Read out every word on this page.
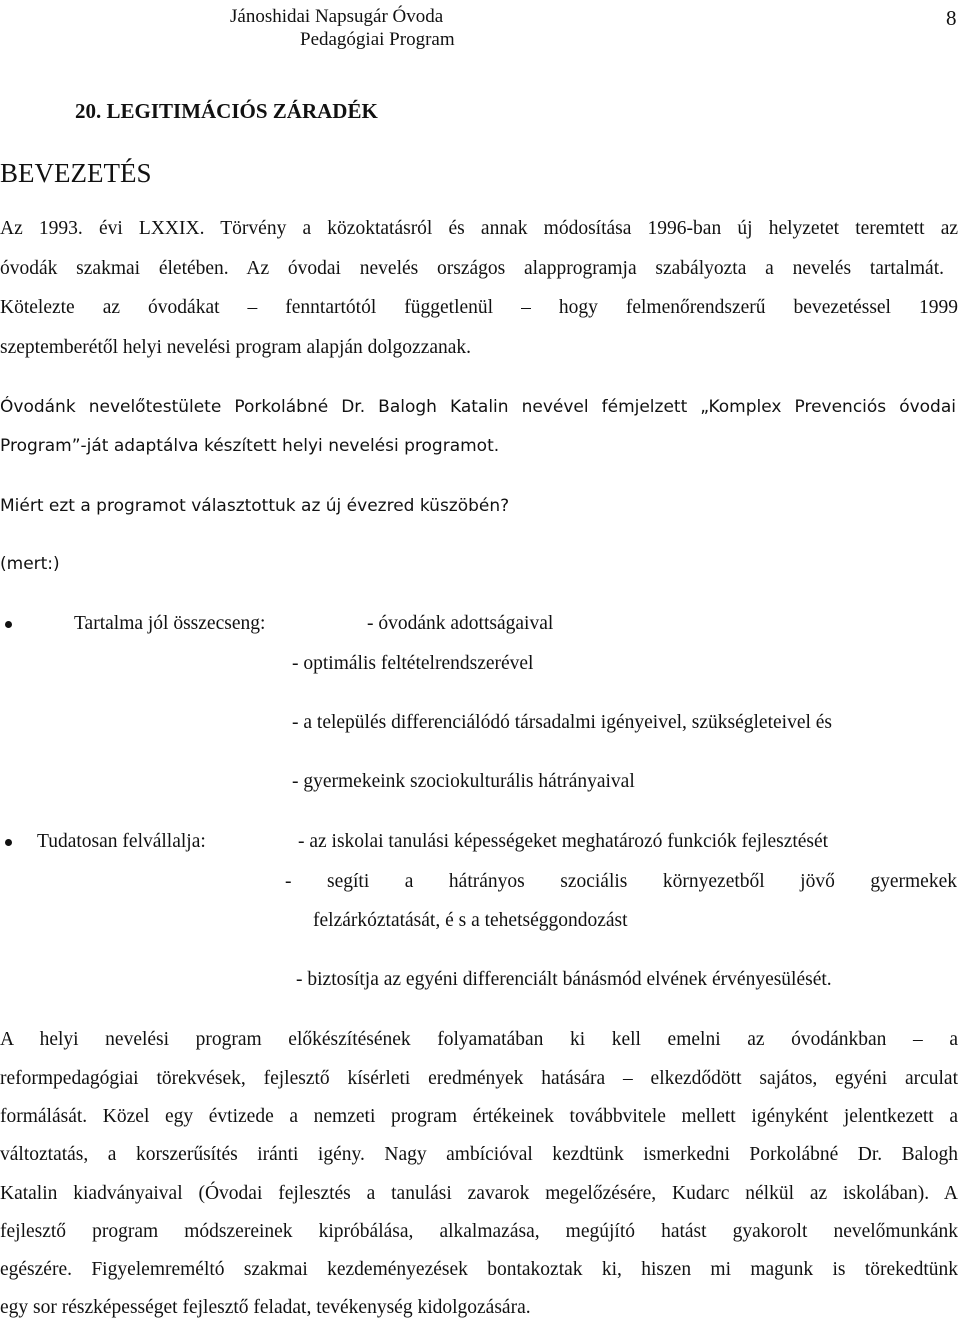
Jánoshidai Napsugár Óvoda
Pedagógiai Program
8
20. LEGITIMÁCIÓS ZÁRADÉK
BEVEZETÉS
Az 1993. évi LXXIX. Törvény a közoktatásról és annak módosítása 1996-ban új helyzetet teremtett az
óvodák szakmai életében. Az óvodai nevelés országos alapprogramja szabályozta a nevelés tartalmát.
Kötelezte az óvodákat – fenntartótól függetlenül – hogy felmenőrendszerű bevezetéssel 1999
szeptemberétől helyi nevelési program alapján dolgozzanak.
Óvodánk nevelőtestülete Porkolábné Dr. Balogh Katalin nevével fémjelzett „Komplex Prevenciós óvodai
Program”-ját adaptálva készített helyi nevelési programot.
Miért ezt a programot választottuk az új évezred küszöbén?
(mert:)
Tartalma jól összecseng:	- óvodánk adottságaival
- optimális feltételrendszerével
- a település differenciálódó társadalmi igényeivel, szükségleteivel és
- gyermekeink szociokulturális hátrányaival
Tudatosan felvállalja:	- az iskolai tanulási képességeket meghatározó funkciók fejlesztését
- segíti a hátrányos szociális környezetből jövő gyermekek
felzárkóztatását, é s a tehetséggondozást
- biztosítja az egyéni differenciált bánásmód elvének érvényesülését.
A helyi nevelési program előkészítésének folyamatában ki kell emelni az óvodánkban – a
reformpedagógiai törekvések, fejlesztő kísérleti eredmények hatására – elkezdődött sajátos, egyéni arculat
formálását. Közel egy évtizede a nemzeti program értékeinek továbbvitele mellett igényként jelentkezett a
változtatás, a korszerűsítés iránti igény. Nagy ambícióval kezdtünk ismerkedni Porkolábné Dr. Balogh
Katalin kiadványaival (Óvodai fejlesztés a tanulási zavarok megelőzésére, Kudarc nélkül az iskolában). A
fejlesztő program módszereinek kipróbálása, alkalmazása, megújító hatást gyakorolt nevelőmunkánk
egészére. Figyelemreméltó szakmai kezdeményezések bontakoztak ki, hiszen mi magunk is törekedtünk
egy sor részképességet fejlesztő feladat, tevékenység kidolgozására.
